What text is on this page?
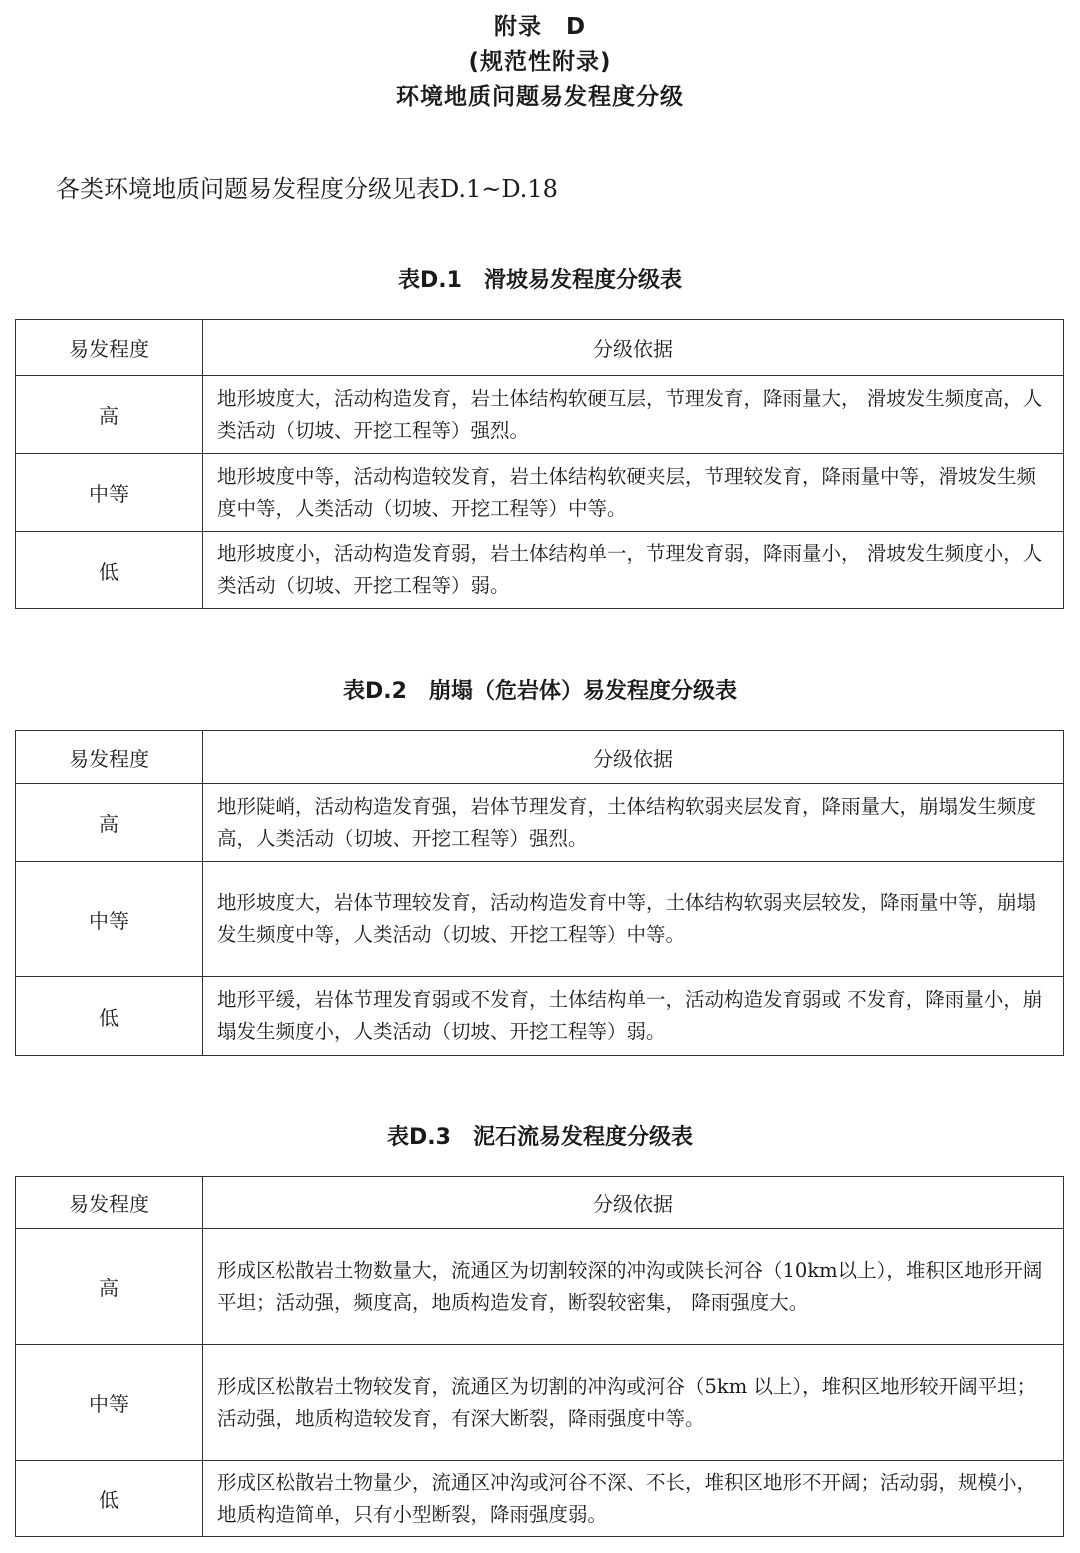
附录　D
(规范性附录)
环境地质问题易发程度分级
各类环境地质问题易发程度分级见表D.1~D.18
表D.1　滑坡易发程度分级表
易发程度	分级依据
高	地形坡度大，活动构造发育，岩土体结构软硬互层，节理发育，降雨量大， 滑坡发生频度高，人类活动（切坡、开挖工程等）强烈。
中等	地形坡度中等，活动构造较发育，岩土体结构软硬夹层，节理较发育，降雨量中等，滑坡发生频度中等，人类活动（切坡、开挖工程等）中等。
低	地形坡度小，活动构造发育弱，岩土体结构单一，节理发育弱，降雨量小， 滑坡发生频度小，人类活动（切坡、开挖工程等）弱。
表D.2　崩塌（危岩体）易发程度分级表
易发程度	分级依据
高	地形陡峭，活动构造发育强，岩体节理发育，土体结构软弱夹层发育，降雨量大，崩塌发生频度高，人类活动（切坡、开挖工程等）强烈。
中等	地形坡度大，岩体节理较发育，活动构造发育中等，土体结构软弱夹层较发，降雨量中等，崩塌发生频度中等，人类活动（切坡、开挖工程等）中等。
低	地形平缓，岩体节理发育弱或不发育，土体结构单一，活动构造发育弱或 不发育，降雨量小，崩塌发生频度小，人类活动（切坡、开挖工程等）弱。
表D.3　泥石流易发程度分级表
易发程度	分级依据
高	形成区松散岩土物数量大，流通区为切割较深的冲沟或陕长河谷（10km以上），堆积区地形开阔平坦；活动强，频度高，地质构造发育，断裂较密集， 降雨强度大。
中等	形成区松散岩土物较发育，流通区为切割的冲沟或河谷（5km 以上），堆积区地形较开阔平坦；活动强，地质构造较发育，有深大断裂，降雨强度中等。
低	形成区松散岩土物量少，流通区冲沟或河谷不深、不长，堆积区地形不开阔；活动弱，规模小，地质构造简单，只有小型断裂，降雨强度弱。
